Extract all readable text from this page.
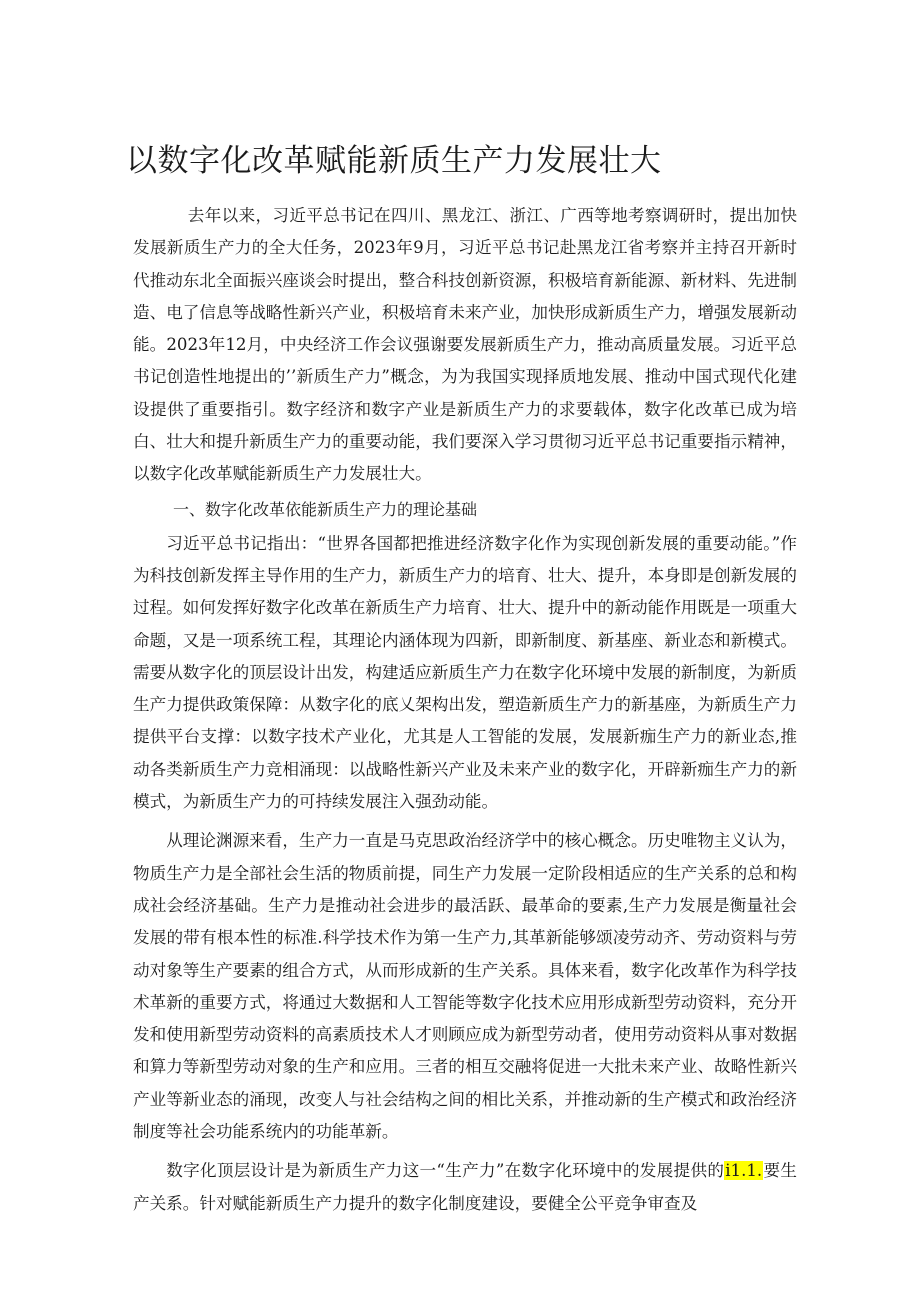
以数字化改革赋能新质生产力发展壮大

去年以来，习近平总书记在四川、黑龙江、浙江、广西等地考察调研时，提出加快发展新质生产力的全大任务，2023年9月，习近平总书记赴黑龙江省考察并主持召开新时代推动东北全面振兴座谈会时提出，整合科技创新资源，积极培育新能源、新材料、先进制造、电了信息等战略性新兴产业，积极培育未来产业，加快形成新质生产力，增强发展新动能。2023年12月，中央经济工作会议强谢要发展新质生产力，推动高质量发展。习近平总书记创造性地提出的’’新质生产力”概念，为为我国实现择质地发展、推动中国式现代化建设提供了重要指引。数字经济和数字产业是新质生产力的求要载体，数字化改革已成为培白、壮大和提升新质生产力的重要动能，我们要深入学习贯彻习近平总书记重要指示精神，以数字化改革赋能新质生产力发展壮大。

一、数字化改革依能新质生产力的理论基础

习近平总书记指出：“世界各国都把推进经济数字化作为实现创新发展的重要动能。”作为科技创新发挥主导作用的生产力，新质生产力的培育、壮大、提升，本身即是创新发展的过程。如何发挥好数字化改革在新质生产力培育、壮大、提升中的新动能作用既是一项重大命题，又是一项系统工程，其理论内涵体现为四新，即新制度、新基座、新业态和新模式。需要从数字化的顶层设计出发，构建适应新质生产力在数字化环境中发展的新制度，为新质生产力提供政策保障：从数字化的底乂架构出发，塑造新质生产力的新基座，为新质生产力提供平台支撑：以数字技术产业化，尤其是人工智能的发展，发展新痂生产力的新业态,推动各类新质生产力竞相涌现：以战略性新兴产业及未来产业的数字化，开辟新痂生产力的新模式，为新质生产力的可持续发展注入强劲动能。

从理论渊源来看，生产力一直是马克思政治经济学中的核心概念。历史唯物主义认为，物质生产力是全部社会生活的物质前提，同生产力发展一定阶段相适应的生产关系的总和构成社会经济基础。生产力是推动社会进步的最活跃、最革命的要素,生产力发展是衡量社会发展的带有根本性的标准.科学技术作为第一生产力,其革新能够颂凌劳动齐、劳动资料与劳动对象等生产要素的组合方式，从而形成新的生产关系。具体来看，数字化改革作为科学技术革新的重要方式，将通过大数据和人工智能等数字化技术应用形成新型劳动资料，充分开发和使用新型劳动资料的高素质技术人才则顾应成为新型劳动者，使用劳动资料从事对数据和算力等新型劳动对象的生产和应用。三者的相互交融将促进一大批未来产业、故略性新兴产业等新业态的涌现，改变人与社会结构之间的相比关系，并推动新的生产模式和政治经济制度等社会功能系统内的功能革新。

数字化顶层设计是为新质生产力这一“生产力”在数字化环境中的发展提供的i1.1.要生产关系。针对赋能新质生产力提升的数字化制度建设，要健全公平竞争审查及
